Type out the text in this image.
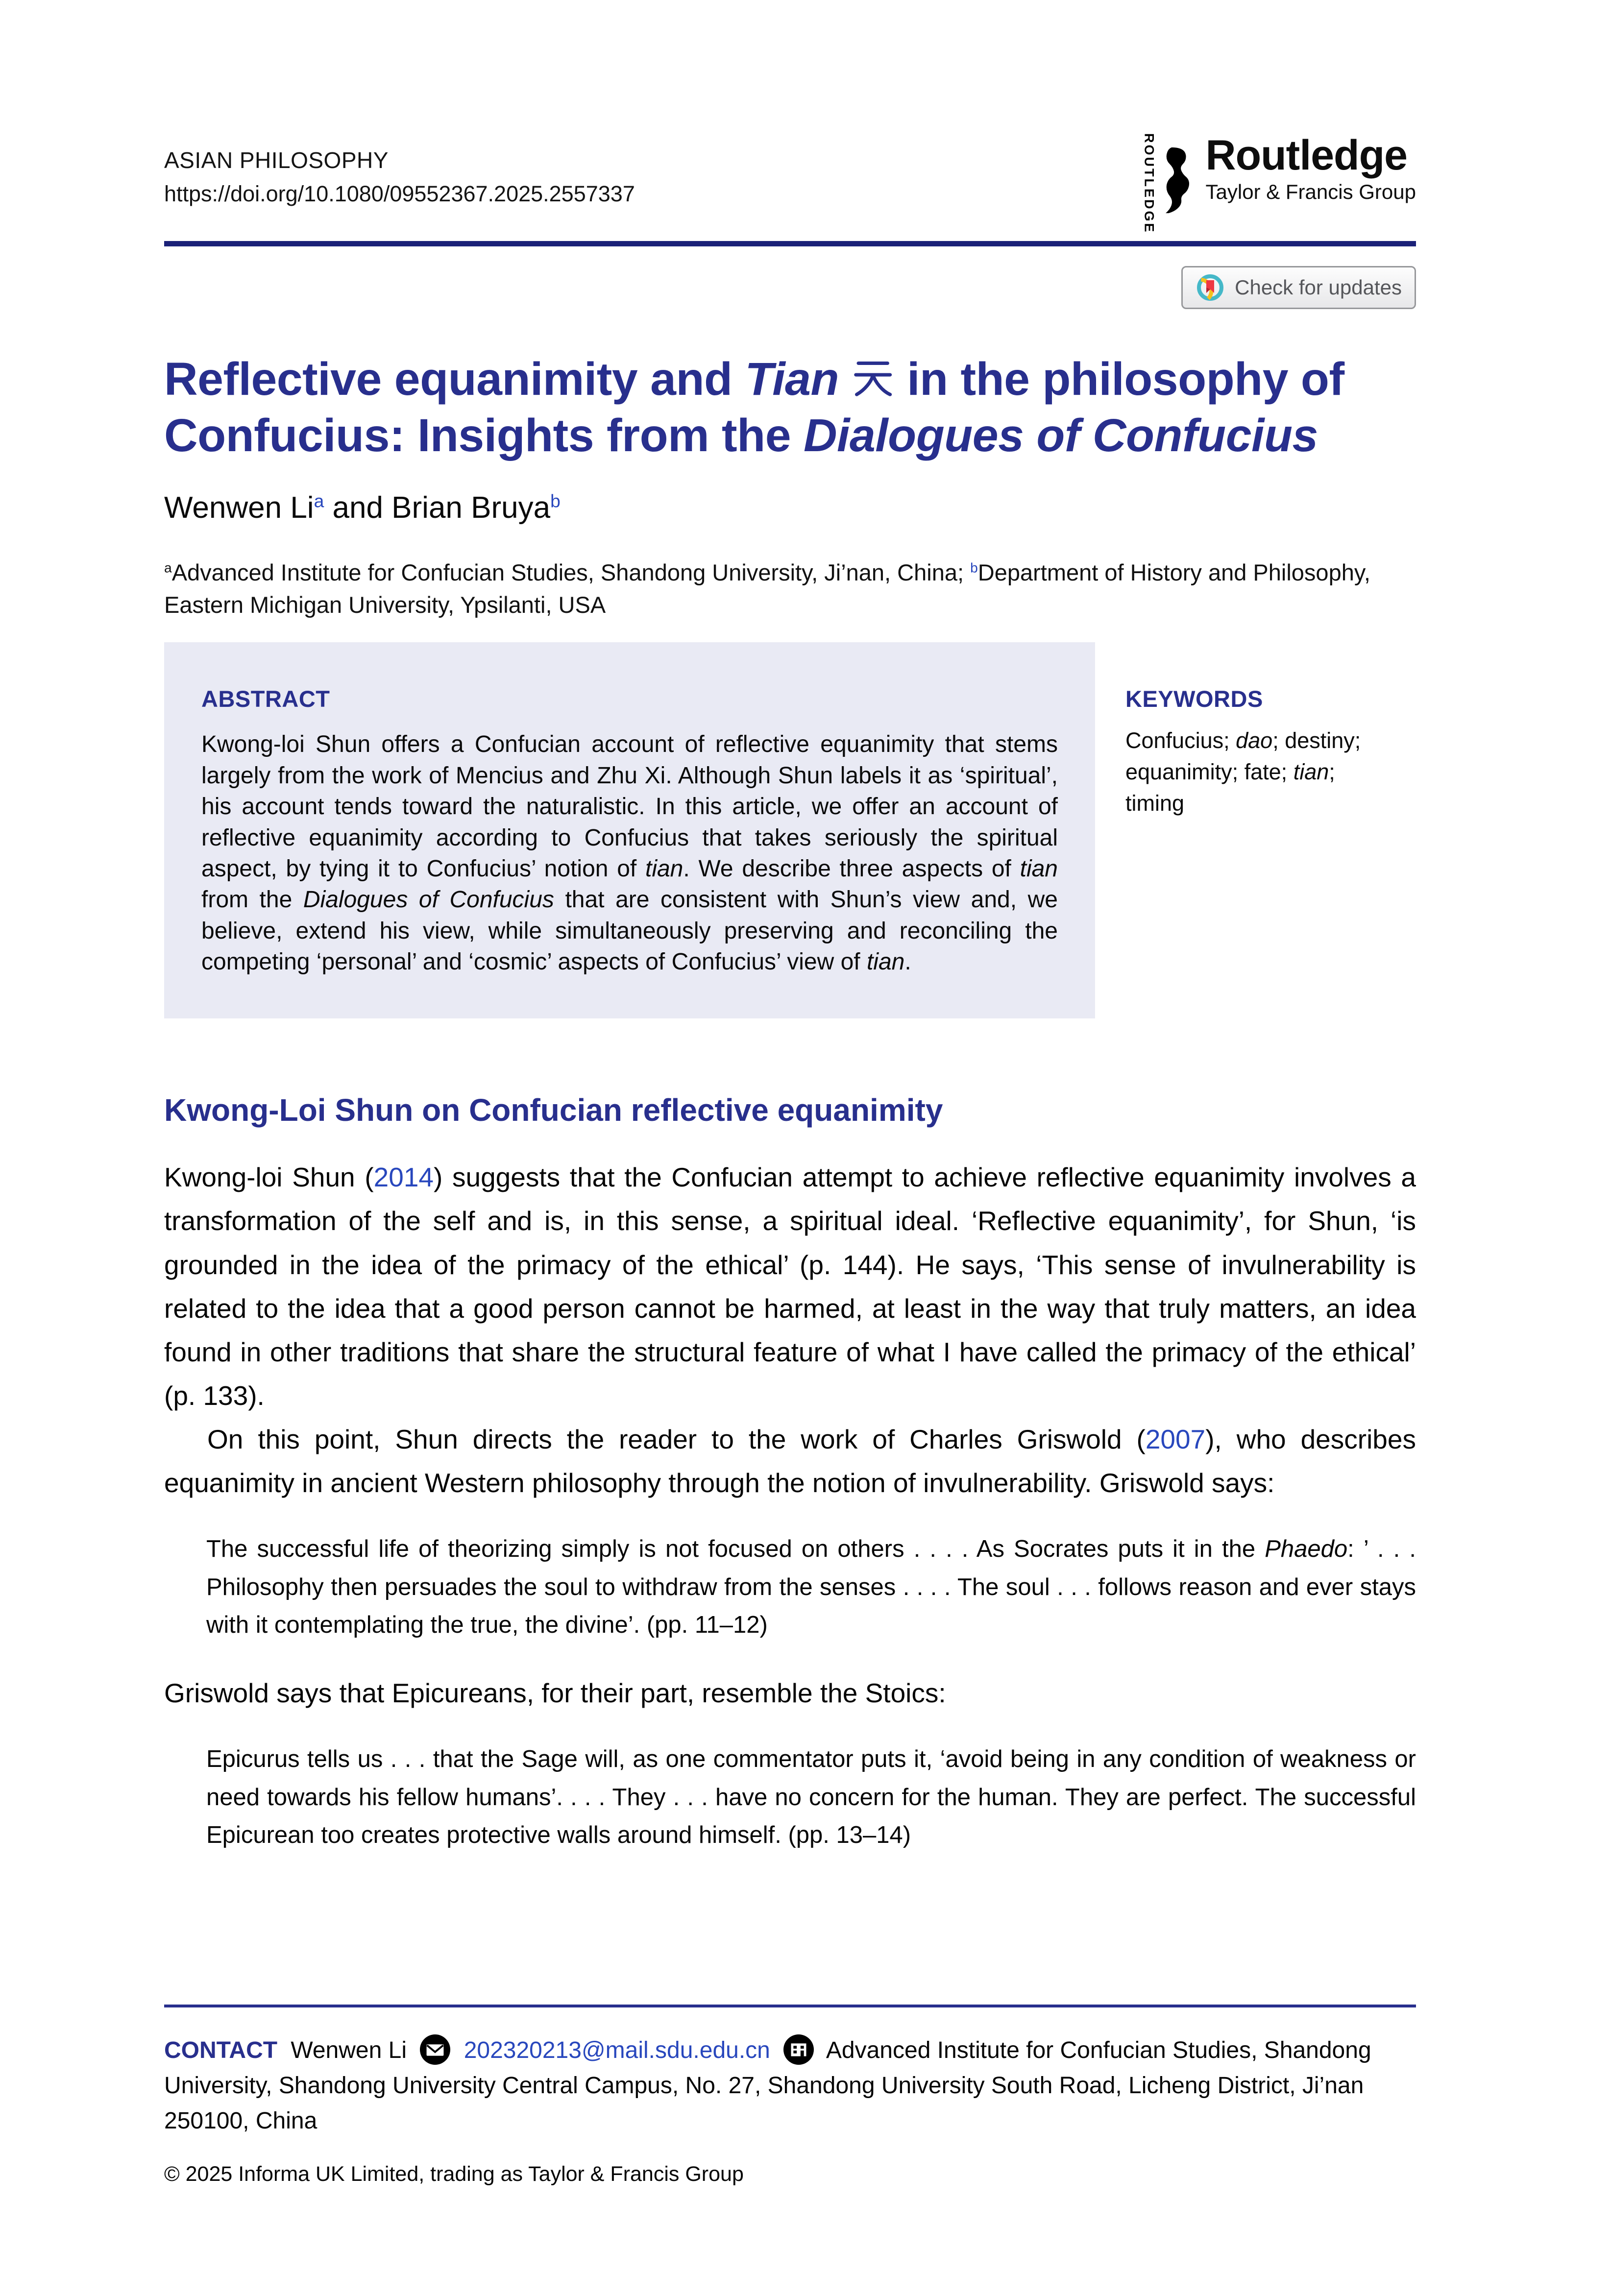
ASIAN PHILOSOPHY
https://doi.org/10.1080/09552367.2025.2557337	ROUTLEDGE Routledge
Taylor & Francis Group
Check for updates
Reflective equanimity and Tian  in the philosophy of
Confucius: Insights from the Dialogues of Confucius
Wenwen Li$^a$ and Brian Bruya$^b$
$^a$Advanced Institute for Confucian Studies, Shandong University, Ji’nan, China; $^b$Department of History and Philosophy, Eastern Michigan University, Ypsilanti, USA
ABSTRACT

Kwong-loi Shun offers a Confucian account of reflective equanimity that stems largely from the work of Mencius and Zhu Xi. Although Shun labels it as ‘spiritual’, his account tends toward the naturalistic. In this article, we offer an account of reflective equanimity according to Confucius that takes seriously the spiritual aspect, by tying it to Confucius’ notion of tian. We describe three aspects of tian from the Dialogues of Confucius that are consistent with Shun’s view and, we believe, extend his view, while simultaneously preserving and reconciling the competing ‘personal’ and ‘cosmic’ aspects of Confucius’ view of tian.

KEYWORDS

Confucius; dao; destiny; equanimity; fate; tian; timing

Kwong-Loi Shun on Confucian reflective equanimity

Kwong-loi Shun (2014) suggests that the Confucian attempt to achieve reflective equanimity involves a transformation of the self and is, in this sense, a spiritual ideal. ‘Reflective equanimity’, for Shun, ‘is grounded in the idea of the primacy of the ethical’ (p. 144). He says, ‘This sense of invulnerability is related to the idea that a good person cannot be harmed, at least in the way that truly matters, an idea found in other traditions that share the structural feature of what I have called the primacy of the ethical’ (p. 133).

On this point, Shun directs the reader to the work of Charles Griswold (2007), who describes equanimity in ancient Western philosophy through the notion of invulnerability. Griswold says:

The successful life of theorizing simply is not focused on others . . . . As Socrates puts it in the Phaedo: ’ . . . Philosophy then persuades the soul to withdraw from the senses . . . . The soul . . . follows reason and ever stays with it contemplating the true, the divine’. (pp. 11–12)

Griswold says that Epicureans, for their part, resemble the Stoics:

Epicurus tells us . . . that the Sage will, as one commentator puts it, ‘avoid being in any condition of weakness or need towards his fellow humans’. . . . They . . . have no concern for the human. They are perfect. The successful Epicurean too creates protective walls around himself. (pp. 13–14)

CONTACT Wenwen Li 202320213@mail.sdu.edu.cn Advanced Institute for Confucian Studies, Shandong University, Shandong University Central Campus, No. 27, Shandong University South Road, Licheng District, Ji’nan 250100, China

© 2025 Informa UK Limited, trading as Taylor & Francis Group
